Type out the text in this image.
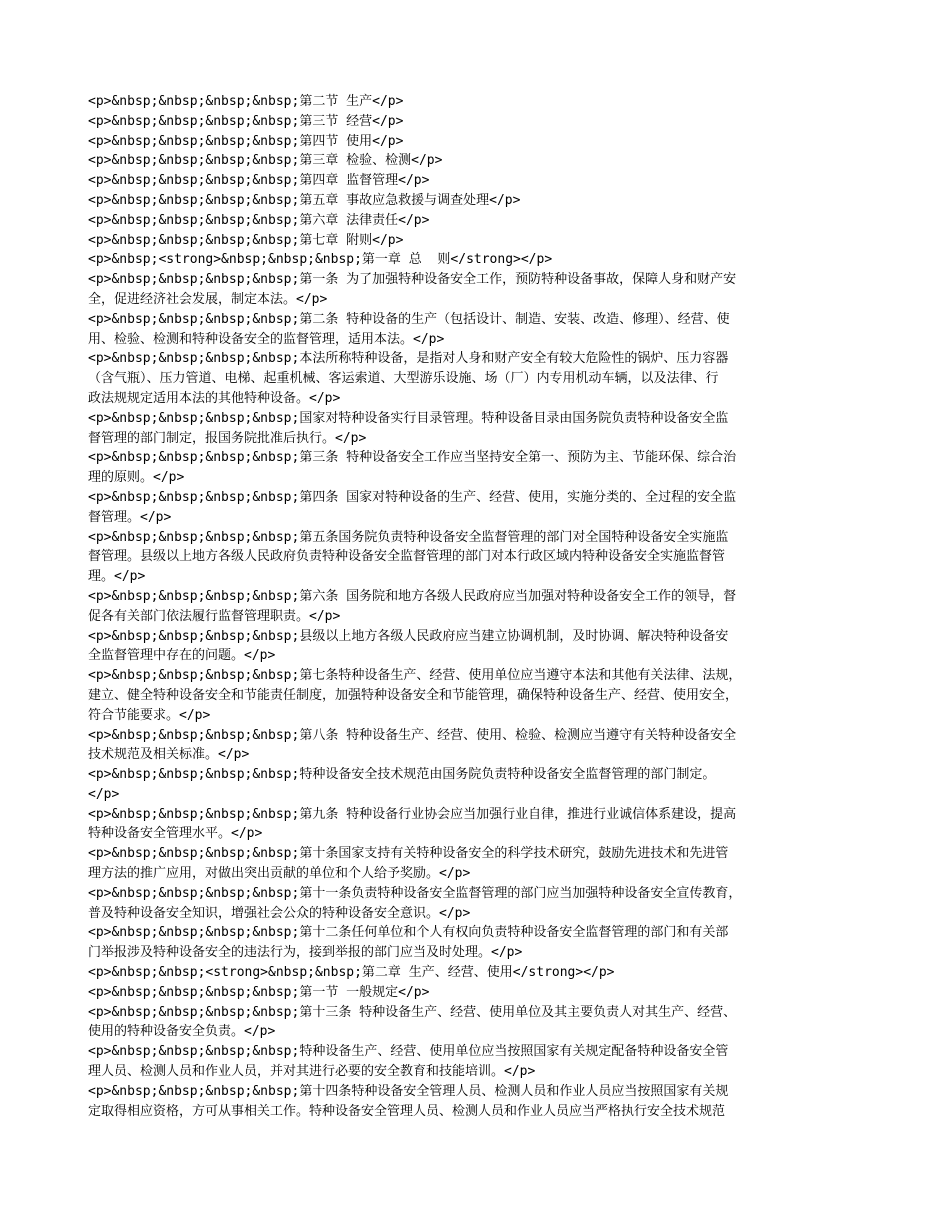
<p>&nbsp;&nbsp;&nbsp;&nbsp;第二节 生产</p>

<p>&nbsp;&nbsp;&nbsp;&nbsp;第三节 经营</p>

<p>&nbsp;&nbsp;&nbsp;&nbsp;第四节 使用</p>

<p>&nbsp;&nbsp;&nbsp;&nbsp;第三章 检验、检测</p>

<p>&nbsp;&nbsp;&nbsp;&nbsp;第四章 监督管理</p>

<p>&nbsp;&nbsp;&nbsp;&nbsp;第五章 事故应急救援与调查处理</p>

<p>&nbsp;&nbsp;&nbsp;&nbsp;第六章 法律责任</p>

<p>&nbsp;&nbsp;&nbsp;&nbsp;第七章 附则</p>

<p>&nbsp;<strong>&nbsp;&nbsp;&nbsp;第一章 总  则</strong></p>

<p>&nbsp;&nbsp;&nbsp;&nbsp;第一条 为了加强特种设备安全工作，预防特种设备事故，保障人身和财产安

全，促进经济社会发展，制定本法。</p>

<p>&nbsp;&nbsp;&nbsp;&nbsp;第二条 特种设备的生产（包括设计、制造、安装、改造、修理）、经营、使

用、检验、检测和特种设备安全的监督管理，适用本法。</p>

<p>&nbsp;&nbsp;&nbsp;&nbsp;本法所称特种设备，是指对人身和财产安全有较大危险性的锅炉、压力容器

（含气瓶）、压力管道、电梯、起重机械、客运索道、大型游乐设施、场（厂）内专用机动车辆，以及法律、行

政法规规定适用本法的其他特种设备。</p>

<p>&nbsp;&nbsp;&nbsp;&nbsp;国家对特种设备实行目录管理。特种设备目录由国务院负责特种设备安全监

督管理的部门制定，报国务院批准后执行。</p>

<p>&nbsp;&nbsp;&nbsp;&nbsp;第三条 特种设备安全工作应当坚持安全第一、预防为主、节能环保、综合治

理的原则。</p>

<p>&nbsp;&nbsp;&nbsp;&nbsp;第四条 国家对特种设备的生产、经营、使用，实施分类的、全过程的安全监

督管理。</p>

<p>&nbsp;&nbsp;&nbsp;&nbsp;第五条国务院负责特种设备安全监督管理的部门对全国特种设备安全实施监

督管理。县级以上地方各级人民政府负责特种设备安全监督管理的部门对本行政区域内特种设备安全实施监督管

理。</p>

<p>&nbsp;&nbsp;&nbsp;&nbsp;第六条 国务院和地方各级人民政府应当加强对特种设备安全工作的领导，督

促各有关部门依法履行监督管理职责。</p>

<p>&nbsp;&nbsp;&nbsp;&nbsp;县级以上地方各级人民政府应当建立协调机制，及时协调、解决特种设备安

全监督管理中存在的问题。</p>

<p>&nbsp;&nbsp;&nbsp;&nbsp;第七条特种设备生产、经营、使用单位应当遵守本法和其他有关法律、法规，

建立、健全特种设备安全和节能责任制度，加强特种设备安全和节能管理，确保特种设备生产、经营、使用安全，

符合节能要求。</p>

<p>&nbsp;&nbsp;&nbsp;&nbsp;第八条 特种设备生产、经营、使用、检验、检测应当遵守有关特种设备安全

技术规范及相关标准。</p>

<p>&nbsp;&nbsp;&nbsp;&nbsp;特种设备安全技术规范由国务院负责特种设备安全监督管理的部门制定。

</p>

<p>&nbsp;&nbsp;&nbsp;&nbsp;第九条 特种设备行业协会应当加强行业自律，推进行业诚信体系建设，提高

特种设备安全管理水平。</p>

<p>&nbsp;&nbsp;&nbsp;&nbsp;第十条国家支持有关特种设备安全的科学技术研究，鼓励先进技术和先进管

理方法的推广应用，对做出突出贡献的单位和个人给予奖励。</p>

<p>&nbsp;&nbsp;&nbsp;&nbsp;第十一条负责特种设备安全监督管理的部门应当加强特种设备安全宣传教育，

普及特种设备安全知识，增强社会公众的特种设备安全意识。</p>

<p>&nbsp;&nbsp;&nbsp;&nbsp;第十二条任何单位和个人有权向负责特种设备安全监督管理的部门和有关部

门举报涉及特种设备安全的违法行为，接到举报的部门应当及时处理。</p>

<p>&nbsp;&nbsp;<strong>&nbsp;&nbsp;第二章 生产、经营、使用</strong></p>

<p>&nbsp;&nbsp;&nbsp;&nbsp;第一节 一般规定</p>

<p>&nbsp;&nbsp;&nbsp;&nbsp;第十三条 特种设备生产、经营、使用单位及其主要负责人对其生产、经营、

使用的特种设备安全负责。</p>

<p>&nbsp;&nbsp;&nbsp;&nbsp;特种设备生产、经营、使用单位应当按照国家有关规定配备特种设备安全管

理人员、检测人员和作业人员，并对其进行必要的安全教育和技能培训。</p>

<p>&nbsp;&nbsp;&nbsp;&nbsp;第十四条特种设备安全管理人员、检测人员和作业人员应当按照国家有关规

定取得相应资格，方可从事相关工作。特种设备安全管理人员、检测人员和作业人员应当严格执行安全技术规范
